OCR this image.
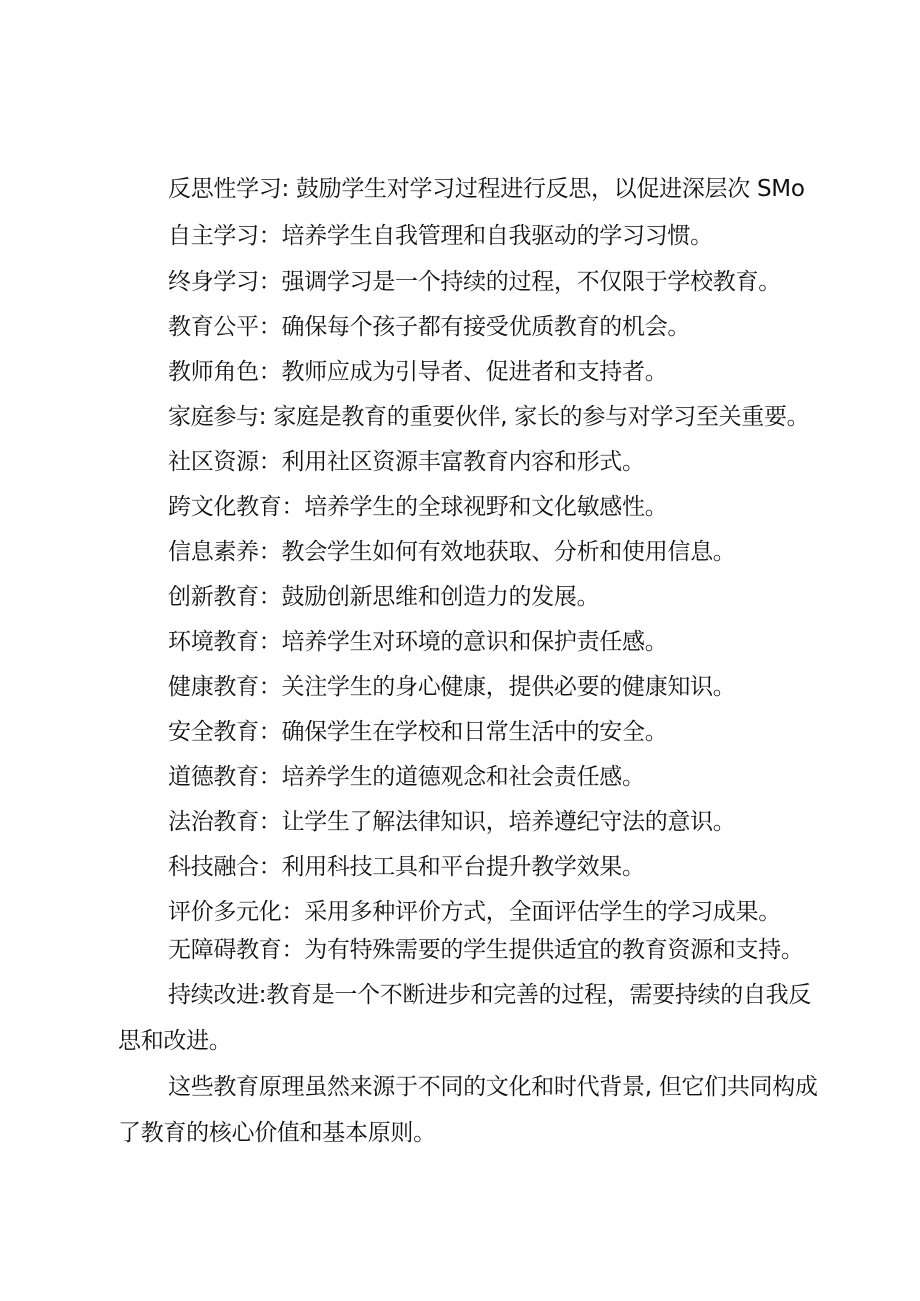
反思性学习: 鼓励学生对学习过程进行反思，以促进深层次 SMo
自主学习：培养学生自我管理和自我驱动的学习习惯。
终身学习：强调学习是一个持续的过程，不仅限于学校教育。
教育公平：确保每个孩子都有接受优质教育的机会。
教师角色：教师应成为引导者、促进者和支持者。
家庭参与: 家庭是教育的重要伙伴, 家长的参与对学习至关重要。
社区资源：利用社区资源丰富教育内容和形式。
跨文化教育：培养学生的全球视野和文化敏感性。
信息素养：教会学生如何有效地获取、分析和使用信息。
创新教育：鼓励创新思维和创造力的发展。
环境教育：培养学生对环境的意识和保护责任感。
健康教育：关注学生的身心健康，提供必要的健康知识。
安全教育：确保学生在学校和日常生活中的安全。
道德教育：培养学生的道德观念和社会责任感。
法治教育：让学生了解法律知识，培养遵纪守法的意识。
科技融合：利用科技工具和平台提升教学效果。
评价多元化：采用多种评价方式，全面评估学生的学习成果。
无障碍教育：为有特殊需要的学生提供适宜的教育资源和支持。
持续改进:教育是一个不断进步和完善的过程，需要持续的自我反思和改进。
这些教育原理虽然来源于不同的文化和时代背景, 但它们共同构成了教育的核心价值和基本原则。
